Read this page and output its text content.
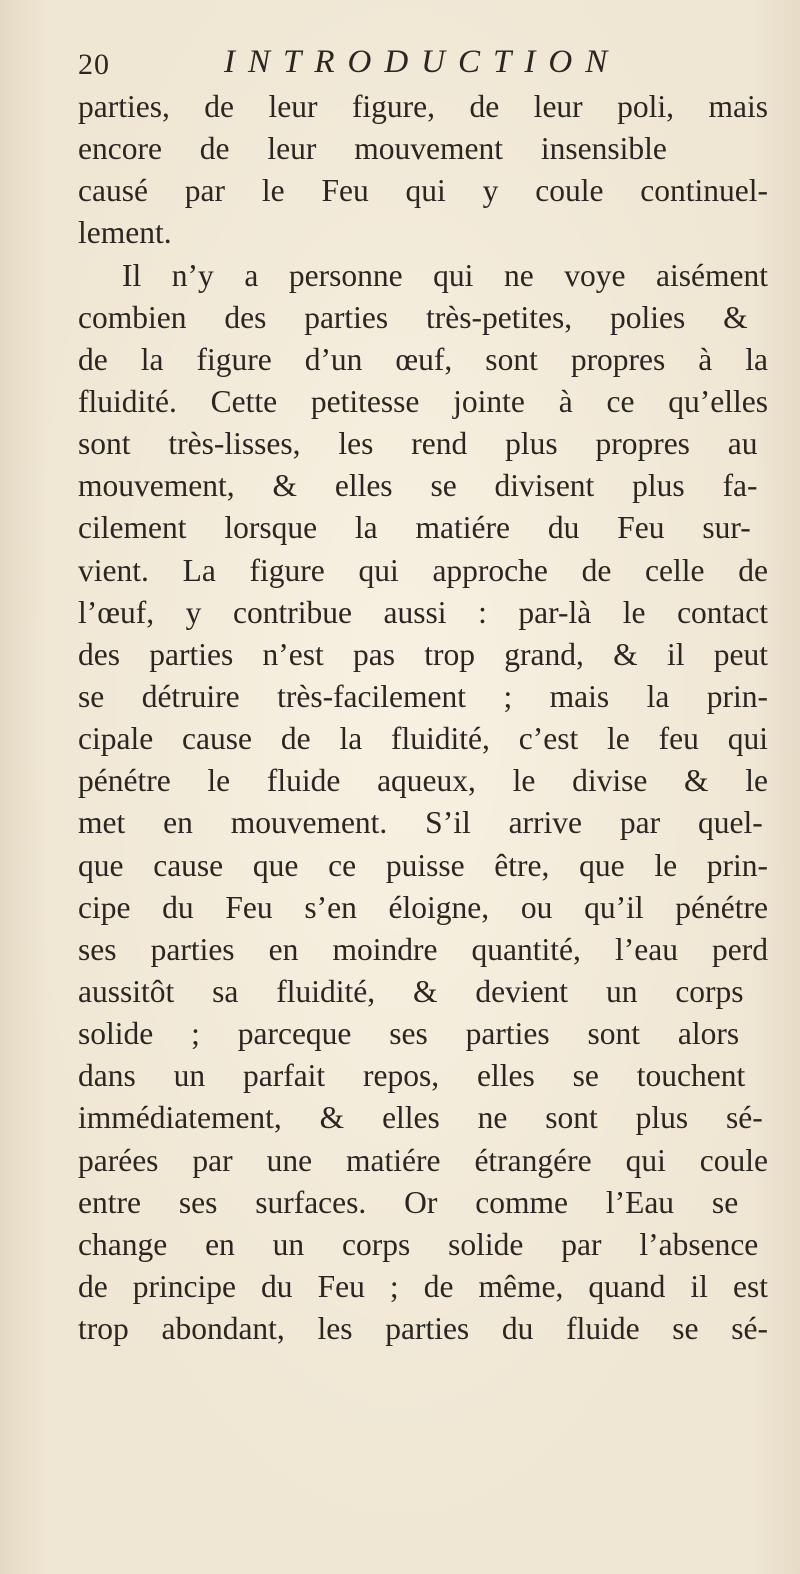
20	INTRODUCTION
parties, de leur figure, de leur poli, mais
encore de leur mouvement insensible
causé par le Feu qui y coule continuel-
lement.
Il n’y a personne qui ne voye aisément
combien des parties très-petites, polies &
de la figure d’un œuf, sont propres à la
fluidité. Cette petitesse jointe à ce qu’elles
sont très-lisses, les rend plus propres au
mouvement, & elles se divisent plus fa-
cilement lorsque la matiére du Feu sur-
vient. La figure qui approche de celle de
l’œuf, y contribue aussi : par-là le contact
des parties n’est pas trop grand, & il peut
se détruire très-facilement ; mais la prin-
cipale cause de la fluidité, c’est le feu qui
pénétre le fluide aqueux, le divise & le
met en mouvement. S’il arrive par quel-
que cause que ce puisse être, que le prin-
cipe du Feu s’en éloigne, ou qu’il pénétre
ses parties en moindre quantité, l’eau perd
aussitôt sa fluidité, & devient un corps
solide ; parceque ses parties sont alors
dans un parfait repos, elles se touchent
immédiatement, & elles ne sont plus sé-
parées par une matiére étrangére qui coule
entre ses surfaces. Or comme l’Eau se
change en un corps solide par l’absence
de principe du Feu ; de même, quand il est
trop abondant, les parties du fluide se sé-
